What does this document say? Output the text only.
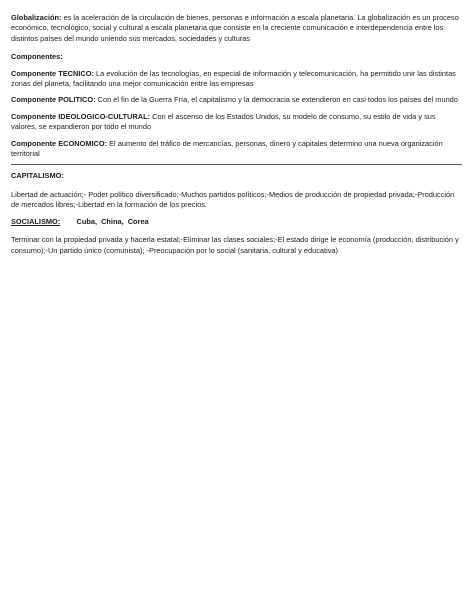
Globalización: es la aceleración de la circulación de bienes, personas e información a escala planetaria. La globalización es un proceso económico, tecnológico, social y cultural a escala planetaria que consiste en la creciente comunicación e interdependencia entre los distintos países del mundo uniendo sus mercados, sociedades y culturas

Componentes:

Componente TECNICO: La evolución de las tecnologías, en especial de información y telecomunicación, ha permitido unir las distintas zonas del planeta, facilitando una mejor comunicación entre las empresas

Componente POLITICO: Con el fin de la Guerra Fría, el capitalismo y la democracia se extendieron en casi todos los países del mundo

Componente IDEOLOGICO-CULTURAL: Con el ascenso de los Estados Unidos, su modelo de consumo, su estilo de vida y sus valores, se expandieron por todo el mundo

Componente ECONOMICO: El aumento del tráfico de mercancías, personas, dinero y capitales determino una nueva organización territorial

CAPITALISMO:

Libertad de actuación;- Poder político diversificado;-Muchos partidos políticos;-Medios de producción de propiedad privada;-Producción de mercados libres;-Libertad en la formación de los precios.

SOCIALISMO: Cuba, China, Corea

Terminar con la propiedad privada y hacerla estatal;-Eliminar las clases sociales;-El estado dirige le economía (producción, distribución y consumo);-Un partido único (comunista); -Preocupación por lo social (sanitaria, cultural y educativa)
